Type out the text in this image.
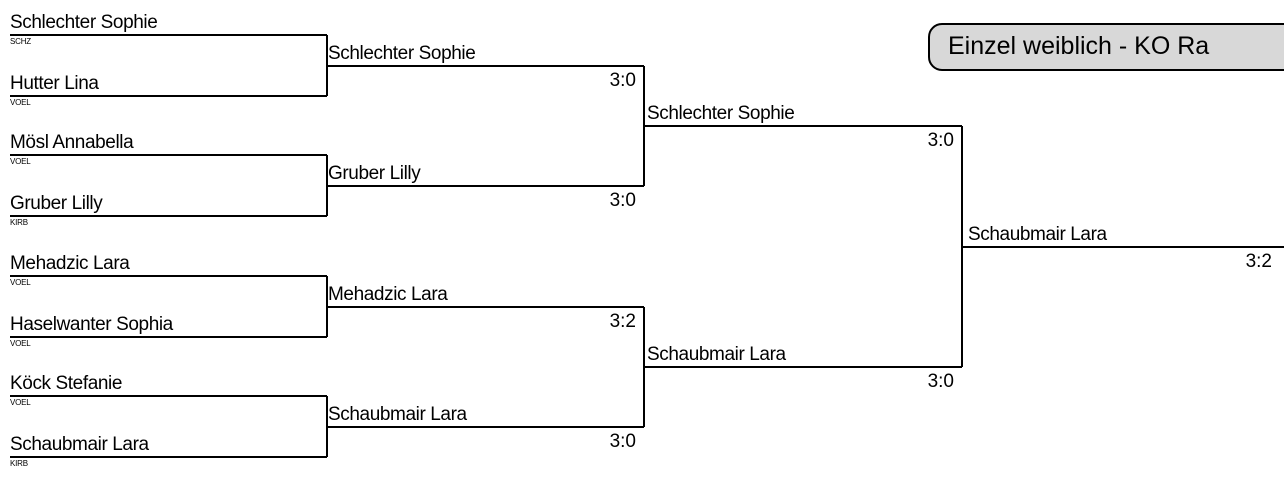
Einzel weiblich - KO Ra
Schlechter Sophie
SCHZ
Hutter Lina
VOEL
Mösl Annabella
VOEL
Gruber Lilly
KIRB
Mehadzic Lara
VOEL
Haselwanter Sophia
VOEL
Köck Stefanie
VOEL
Schaubmair Lara
KIRB
Schlechter Sophie
3:0
Gruber Lilly
3:0
Mehadzic Lara
3:2
Schaubmair Lara
3:0
Schlechter Sophie
3:0
Schaubmair Lara
3:0
Schaubmair Lara
3:2
